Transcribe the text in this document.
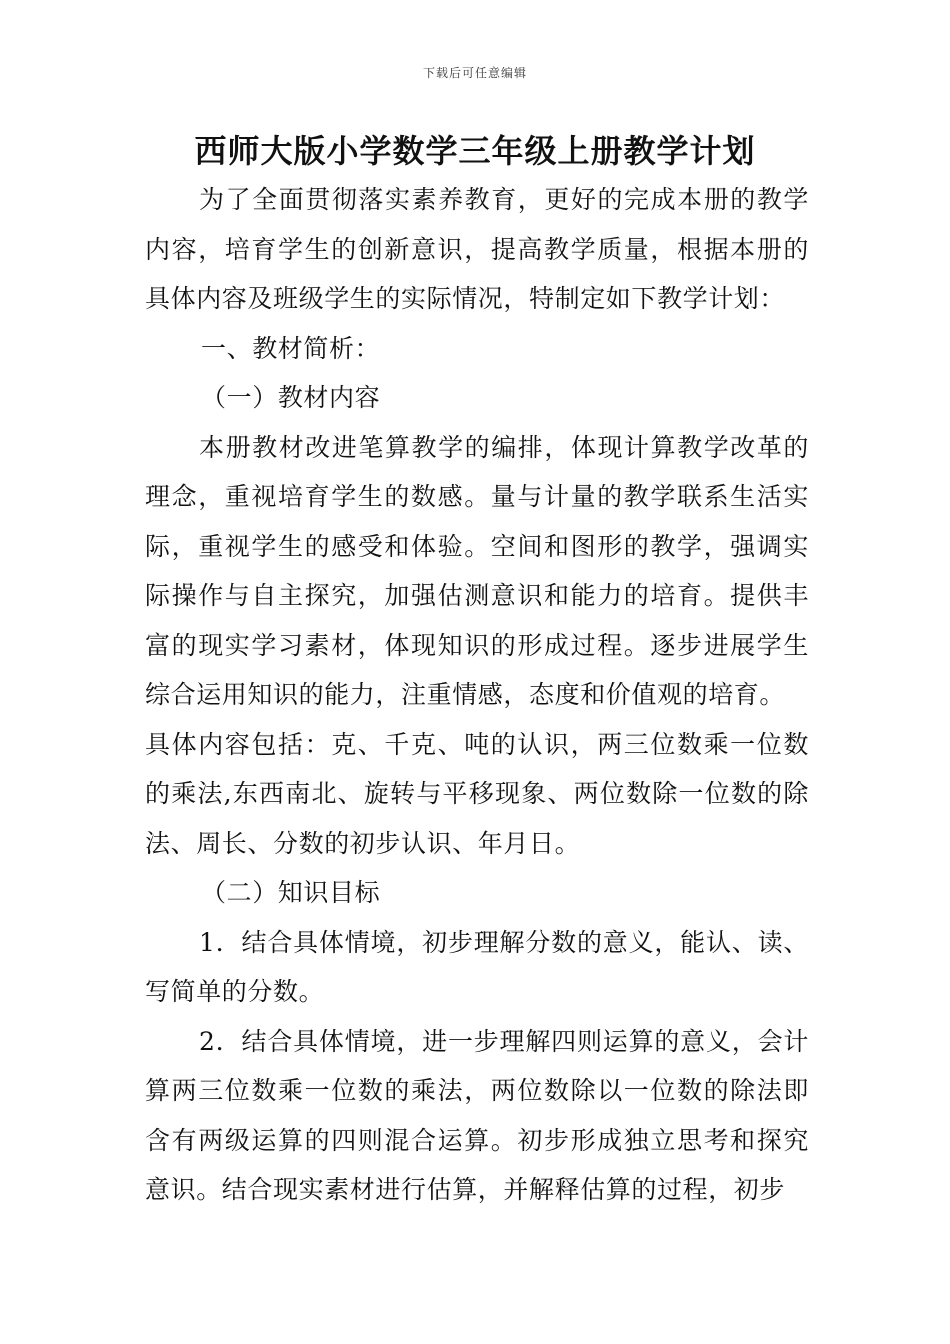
下载后可任意编辑
西师大版小学数学三年级上册教学计划

为了全面贯彻落实素养教育，更好的完成本册的教学内容，培育学生的创新意识，提高教学质量，根据本册的具体内容及班级学生的实际情况，特制定如下教学计划：

一、教材简析：

（一）教材内容

本册教材改进笔算教学的编排，体现计算教学改革的理念，重视培育学生的数感。量与计量的教学联系生活实际，重视学生的感受和体验。空间和图形的教学，强调实际操作与自主探究，加强估测意识和能力的培育。提供丰富的现实学习素材，体现知识的形成过程。逐步进展学生综合运用知识的能力，注重情感，态度和价值观的培育。

具体内容包括：克、千克、吨的认识，两三位数乘一位数的乘法,东西南北、旋转与平移现象、两位数除一位数的除法、周长、分数的初步认识、年月日。

（二）知识目标

1．结合具体情境，初步理解分数的意义，能认、读、写简单的分数。

2．结合具体情境，进一步理解四则运算的意义，会计算两三位数乘一位数的乘法，两位数除以一位数的除法即含有两级运算的四则混合运算。初步形成独立思考和探究意识。结合现实素材进行估算，并解释估算的过程，初步
